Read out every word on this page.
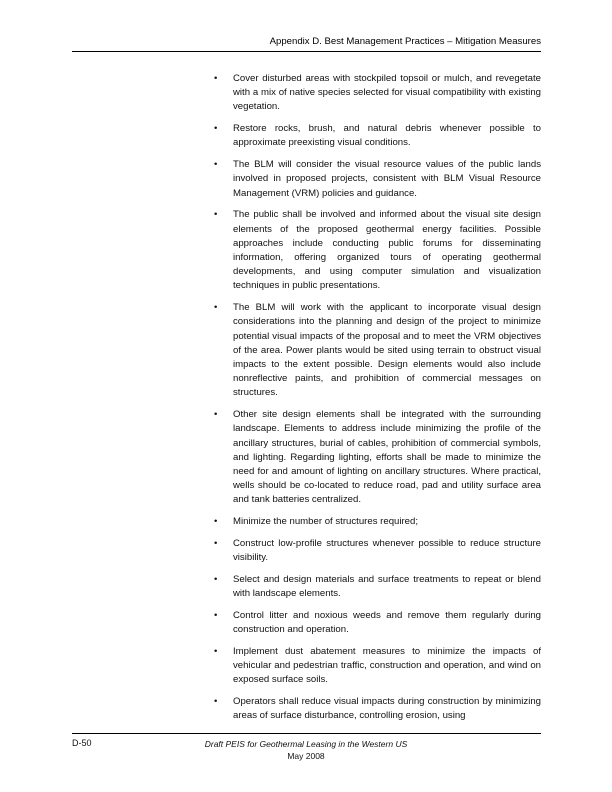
Appendix D. Best Management Practices – Mitigation Measures
• Cover disturbed areas with stockpiled topsoil or mulch, and revegetate with a mix of native species selected for visual compatibility with existing vegetation.
• Restore rocks, brush, and natural debris whenever possible to approximate preexisting visual conditions.
• The BLM will consider the visual resource values of the public lands involved in proposed projects, consistent with BLM Visual Resource Management (VRM) policies and guidance.
• The public shall be involved and informed about the visual site design elements of the proposed geothermal energy facilities. Possible approaches include conducting public forums for disseminating information, offering organized tours of operating geothermal developments, and using computer simulation and visualization techniques in public presentations.
• The BLM will work with the applicant to incorporate visual design considerations into the planning and design of the project to minimize potential visual impacts of the proposal and to meet the VRM objectives of the area. Power plants would be sited using terrain to obstruct visual impacts to the extent possible. Design elements would also include nonreflective paints, and prohibition of commercial messages on structures.
• Other site design elements shall be integrated with the surrounding landscape. Elements to address include minimizing the profile of the ancillary structures, burial of cables, prohibition of commercial symbols, and lighting. Regarding lighting, efforts shall be made to minimize the need for and amount of lighting on ancillary structures. Where practical, wells should be co-located to reduce road, pad and utility surface area and tank batteries centralized.
• Minimize the number of structures required;
• Construct low-profile structures whenever possible to reduce structure visibility.
• Select and design materials and surface treatments to repeat or blend with landscape elements.
• Control litter and noxious weeds and remove them regularly during construction and operation.
• Implement dust abatement measures to minimize the impacts of vehicular and pedestrian traffic, construction and operation, and wind on exposed surface soils.
• Operators shall reduce visual impacts during construction by minimizing areas of surface disturbance, controlling erosion, using
D-50	Draft PEIS for Geothermal Leasing in the Western US
May 2008
